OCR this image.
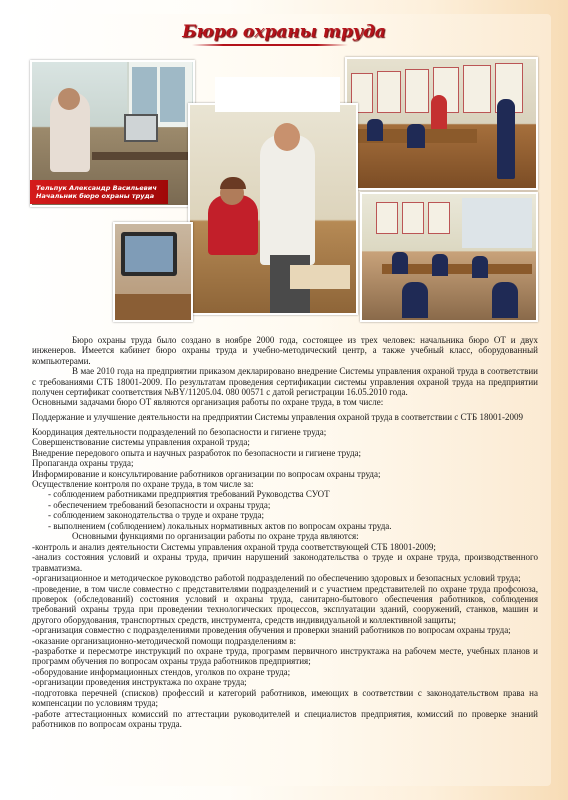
Бюро охраны труда
Тельпук Александр Васильевич
Начальник бюро охраны труда
Бюро охраны труда было создано в ноябре 2000 года, состоящее из трех человек: начальника бюро ОТ и двух инженеров. Имеется кабинет бюро охраны труда и учебно-методический центр, а также учебный класс, оборудованный компьютерами.
В мае 2010 года на предприятии приказом декларировано внедрение Системы управления охраной труда в соответствии с требованиями СТБ 18001-2009. По результатам проведения сертификации системы управления охраной труда на предприятии получен сертификат соответствия №BY/11205.04. 080 00571 с датой регистрации 16.05.2010 года.
Основными задачами бюро ОТ являются организация работы по охране труда, в том числе:
Поддержание и улучшение деятельности на предприятии Системы управления охраной труда в соответствии с СТБ 18001-2009
Координация деятельности подразделений по безопасности и гигиене труда;
Совершенствование системы управления охраной труда;
Внедрение передового опыта и научных разработок по безопасности и гигиене труда;
Пропаганда охраны труда;
Информирование и консультирование работников организации по вопросам охраны труда;
Осуществление контроля по охране труда, в том числе за:
- соблюдением работниками предприятия требований Руководства СУОТ
- обеспечением требований безопасности и охраны труда;
- соблюдением законодательства о труде и охране труда;
- выполнением (соблюдением) локальных нормативных актов по вопросам охраны труда.
Основными функциями по организации работы по охране труда являются:
-контроль и анализ деятельности Системы управления охраной труда соответствующей СТБ 18001-2009;
-анализ состояния условий и охраны труда, причин нарушений законодательства о труде и охране труда, производственного травматизма.
-организационное и методическое руководство работой подразделений по обеспечению здоровых и безопасных условий труда;
-проведение, в том числе совместно с представителями подразделений и с участием представителей по охране труда профсоюза, проверок (обследований) состояния условий и охраны труда, санитарно-бытового обеспечения работников, соблюдения требований охраны труда при проведении технологических процессов, эксплуатации зданий, сооружений, станков, машин и другого оборудования, транспортных средств, инструмента, средств индивидуальной и коллективной защиты;
-организация совместно с подразделениями проведения обучения и проверки знаний работников по вопросам охраны труда;
-оказание организационно-методической помощи подразделениям в:
-разработке и пересмотре инструкций по охране труда, программ первичного инструктажа на рабочем месте, учебных планов и программ обучения по вопросам охраны труда работников предприятия;
-оборудование информационных стендов, уголков по охране труда;
-организации проведения инструктажа по охране труда;
-подготовка перечней (списков) профессий и категорий работников, имеющих в соответствии с законодательством права на компенсации по условиям труда;
-работе аттестационных комиссий по аттестации руководителей и специалистов предприятия, комиссий по проверке знаний работников по вопросам охраны труда.
